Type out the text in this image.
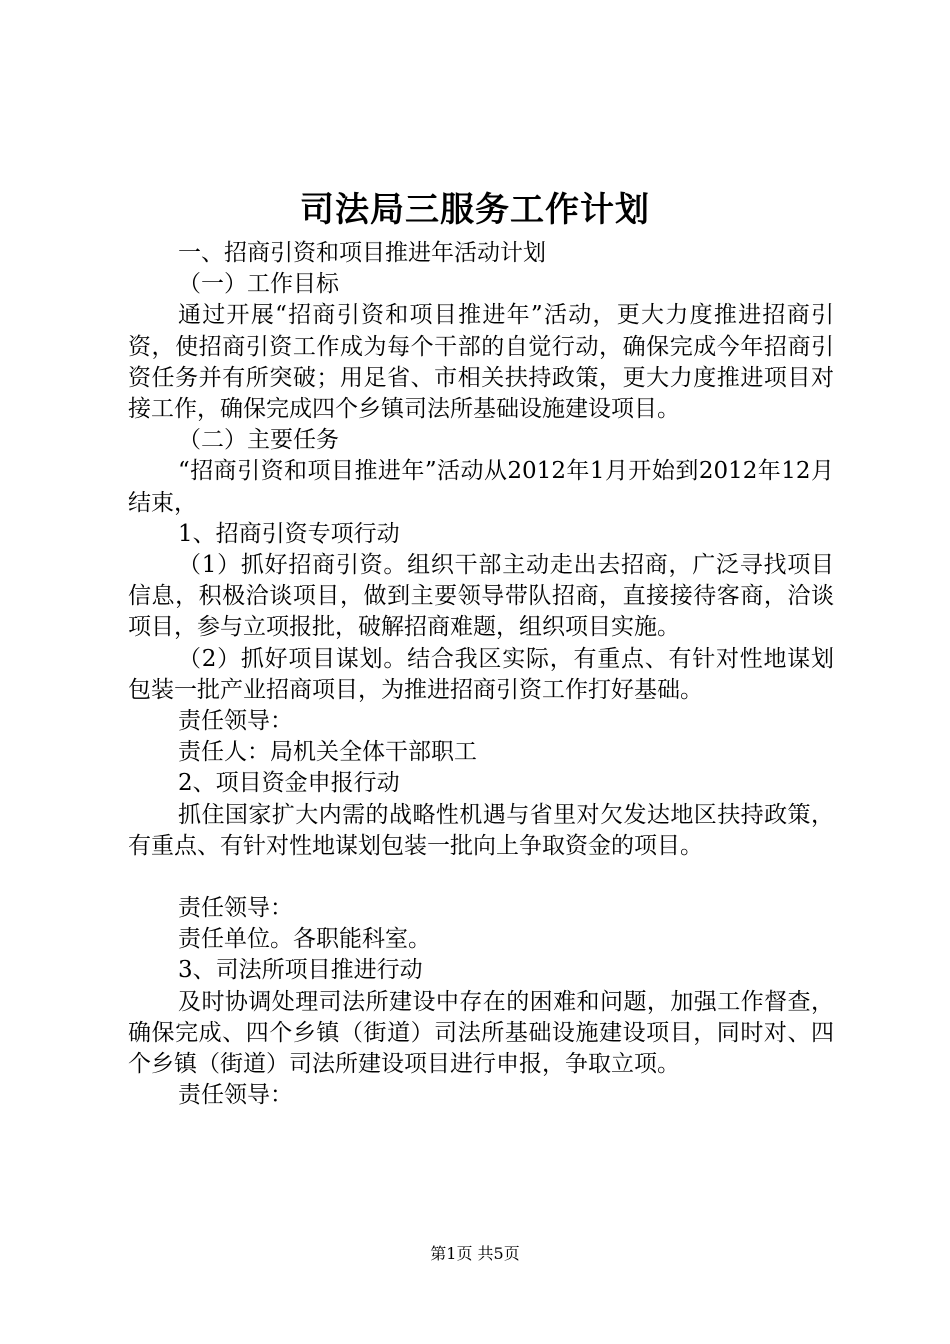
司法局三服务工作计划

一、招商引资和项目推进年活动计划

（一）工作目标

通过开展“招商引资和项目推进年”活动，更大力度推进招商引资，使招商引资工作成为每个干部的自觉行动，确保完成今年招商引资任务并有所突破；用足省、市相关扶持政策，更大力度推进项目对接工作，确保完成四个乡镇司法所基础设施建设项目。

（二）主要任务

“招商引资和项目推进年”活动从2012年1月开始到2012年12月结束，

1、招商引资专项行动

（1）抓好招商引资。组织干部主动走出去招商，广泛寻找项目信息，积极洽谈项目，做到主要领导带队招商，直接接待客商，洽谈项目，参与立项报批，破解招商难题，组织项目实施。

（2）抓好项目谋划。结合我区实际，有重点、有针对性地谋划包装一批产业招商项目，为推进招商引资工作打好基础。

责任领导：

责任人：局机关全体干部职工

2、项目资金申报行动

抓住国家扩大内需的战略性机遇与省里对欠发达地区扶持政策，有重点、有针对性地谋划包装一批向上争取资金的项目。

责任领导：

责任单位。各职能科室。

3、司法所项目推进行动

及时协调处理司法所建设中存在的困难和问题，加强工作督查，确保完成、四个乡镇（街道）司法所基础设施建设项目，同时对、四个乡镇（街道）司法所建设项目进行申报，争取立项。

责任领导：

第1页 共5页
